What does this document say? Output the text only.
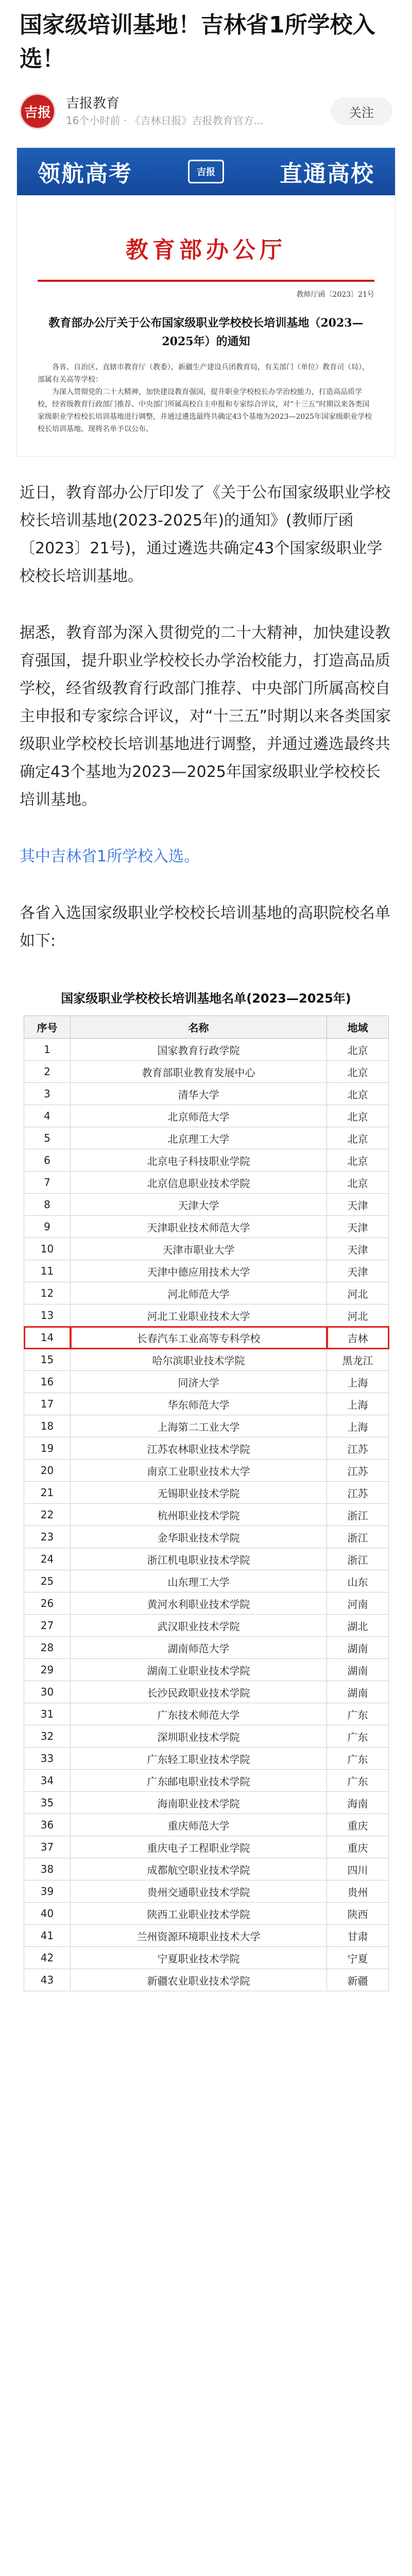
国家级培训基地！吉林省1所学校入选！
吉报
吉报教育
16个小时前 · 《吉林日报》吉报教育官方...
关注
领航高考	吉报	直通高校
教育部办公厅
教师厅函〔2023〕21号
教育部办公厅关于公布国家级职业学校校长培训基地（2023—2025年）的通知

各省、自治区、直辖市教育厅（教委），新疆生产建设兵团教育局，有关部门（单位）教育司（局），部属有关高等学校：

为深入贯彻党的二十大精神，加快建设教育强国，提升职业学校校长办学治校能力，打造高品质学校，经省级教育行政部门推荐、中央部门所属高校自主申报和专家综合评议，对“十三五”时期以来各类国家级职业学校校长培训基地进行调整，并通过遴选最终共确定43个基地为2023—2025年国家级职业学校校长培训基地。现将名单予以公布。

近日，教育部办公厅印发了《关于公布国家级职业学校校长培训基地(2023-2025年)的通知》(教师厅函〔2023〕21号)，通过遴选共确定43个国家级职业学校校长培训基地。

据悉，教育部为深入贯彻党的二十大精神，加快建设教育强国，提升职业学校校长办学治校能力，打造高品质学校，经省级教育行政部门推荐、中央部门所属高校自主申报和专家综合评议，对“十三五”时期以来各类国家级职业学校校长培训基地进行调整，并通过遴选最终共确定43个基地为2023—2025年国家级职业学校校长培训基地。

其中吉林省1所学校入选。

各省入选国家级职业学校校长培训基地的高职院校名单如下:

国家级职业学校校长培训基地名单(2023—2025年)
序号	名称	地域
1	国家教育行政学院	北京
2	教育部职业教育发展中心	北京
3	清华大学	北京
4	北京师范大学	北京
5	北京理工大学	北京
6	北京电子科技职业学院	北京
7	北京信息职业技术学院	北京
8	天津大学	天津
9	天津职业技术师范大学	天津
10	天津市职业大学	天津
11	天津中德应用技术大学	天津
12	河北师范大学	河北
13	河北工业职业技术大学	河北
14	长春汽车工业高等专科学校	吉林
15	哈尔滨职业技术学院	黑龙江
16	同济大学	上海
17	华东师范大学	上海
18	上海第二工业大学	上海
19	江苏农林职业技术学院	江苏
20	南京工业职业技术大学	江苏
21	无锡职业技术学院	江苏
22	杭州职业技术学院	浙江
23	金华职业技术学院	浙江
24	浙江机电职业技术学院	浙江
25	山东理工大学	山东
26	黄河水利职业技术学院	河南
27	武汉职业技术学院	湖北
28	湖南师范大学	湖南
29	湖南工业职业技术学院	湖南
30	长沙民政职业技术学院	湖南
31	广东技术师范大学	广东
32	深圳职业技术学院	广东
33	广东轻工职业技术学院	广东
34	广东邮电职业技术学院	广东
35	海南职业技术学院	海南
36	重庆师范大学	重庆
37	重庆电子工程职业学院	重庆
38	成都航空职业技术学院	四川
39	贵州交通职业技术学院	贵州
40	陕西工业职业技术学院	陕西
41	兰州资源环境职业技术大学	甘肃
42	宁夏职业技术学院	宁夏
43	新疆农业职业技术学院	新疆
